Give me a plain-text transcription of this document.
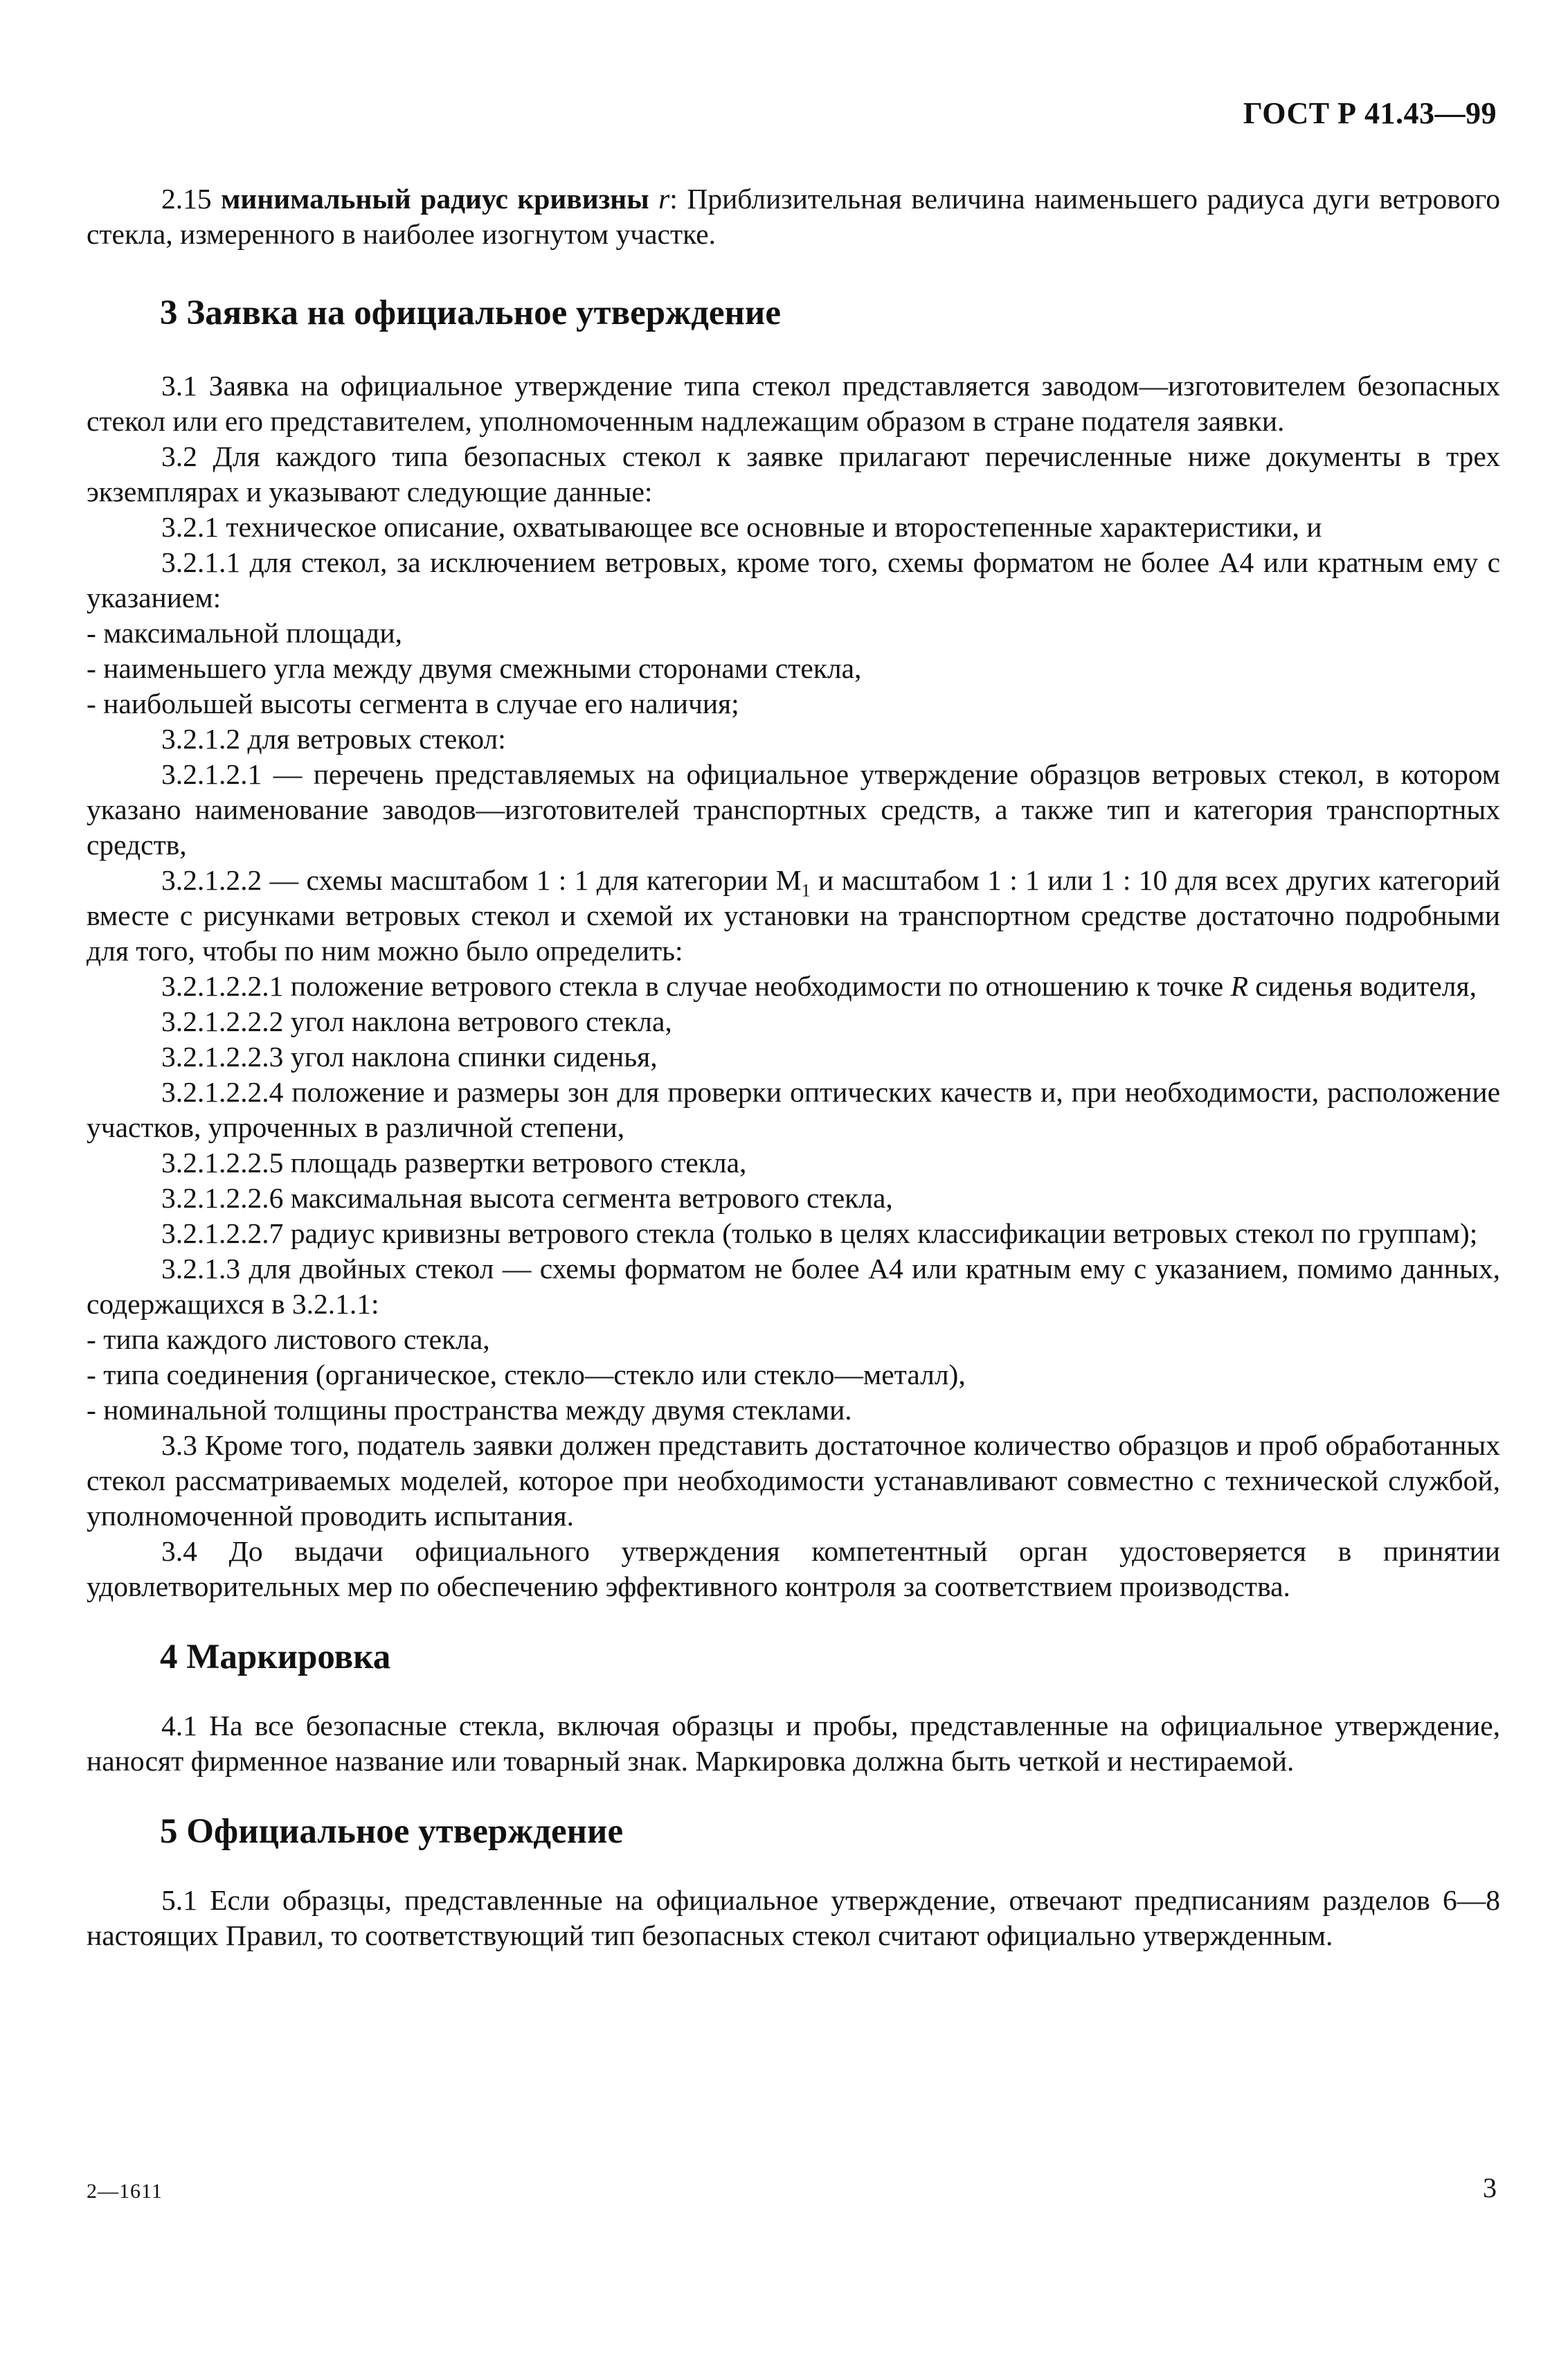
ГОСТ Р 41.43—99

2.15 минимальный радиус кривизны r: Приблизительная величина наименьшего радиуса дуги ветрового стекла, измеренного в наиболее изогнутом участке.

3 Заявка на официальное утверждение

3.1 Заявка на официальное утверждение типа стекол представляется заводом—изготовителем безопасных стекол или его представителем, уполномоченным надлежащим образом в стране подателя заявки.

3.2 Для каждого типа безопасных стекол к заявке прилагают перечисленные ниже документы в трех экземплярах и указывают следующие данные:

3.2.1 техническое описание, охватывающее все основные и второстепенные характеристики, и

3.2.1.1 для стекол, за исключением ветровых, кроме того, схемы форматом не более А4 или кратным ему с указанием:

- максимальной площади,

- наименьшего угла между двумя смежными сторонами стекла,

- наибольшей высоты сегмента в случае его наличия;

3.2.1.2 для ветровых стекол:

3.2.1.2.1 — перечень представляемых на официальное утверждение образцов ветровых стекол, в котором указано наименование заводов—изготовителей транспортных средств, а также тип и категория транспортных средств,

3.2.1.2.2 — схемы масштабом 1 : 1 для категории $М_1$ и масштабом 1 : 1 или 1 : 10 для всех других категорий вместе с рисунками ветровых стекол и схемой их установки на транспортном средстве достаточно подробными для того, чтобы по ним можно было определить:

3.2.1.2.2.1 положение ветрового стекла в случае необходимости по отношению к точке R сиденья водителя,

3.2.1.2.2.2 угол наклона ветрового стекла,

3.2.1.2.2.3 угол наклона спинки сиденья,

3.2.1.2.2.4 положение и размеры зон для проверки оптических качеств и, при необходимости, расположение участков, упроченных в различной степени,

3.2.1.2.2.5 площадь развертки ветрового стекла,

3.2.1.2.2.6 максимальная высота сегмента ветрового стекла,

3.2.1.2.2.7 радиус кривизны ветрового стекла (только в целях классификации ветровых стекол по группам);

3.2.1.3 для двойных стекол — схемы форматом не более А4 или кратным ему с указанием, помимо данных, содержащихся в 3.2.1.1:

- типа каждого листового стекла,

- типа соединения (органическое, стекло—стекло или стекло—металл),

- номинальной толщины пространства между двумя стеклами.

3.3 Кроме того, податель заявки должен представить достаточное количество образцов и проб обработанных стекол рассматриваемых моделей, которое при необходимости устанавливают совместно с технической службой, уполномоченной проводить испытания.

3.4 До выдачи официального утверждения компетентный орган удостоверяется в принятии удовлетворительных мер по обеспечению эффективного контроля за соответствием производства.

4 Маркировка

4.1 На все безопасные стекла, включая образцы и пробы, представленные на официальное утверждение, наносят фирменное название или товарный знак. Маркировка должна быть четкой и нестираемой.

5 Официальное утверждение

5.1 Если образцы, представленные на официальное утверждение, отвечают предписаниям разделов 6—8 настоящих Правил, то соответствующий тип безопасных стекол считают официально утвержденным.

2—1611	3
